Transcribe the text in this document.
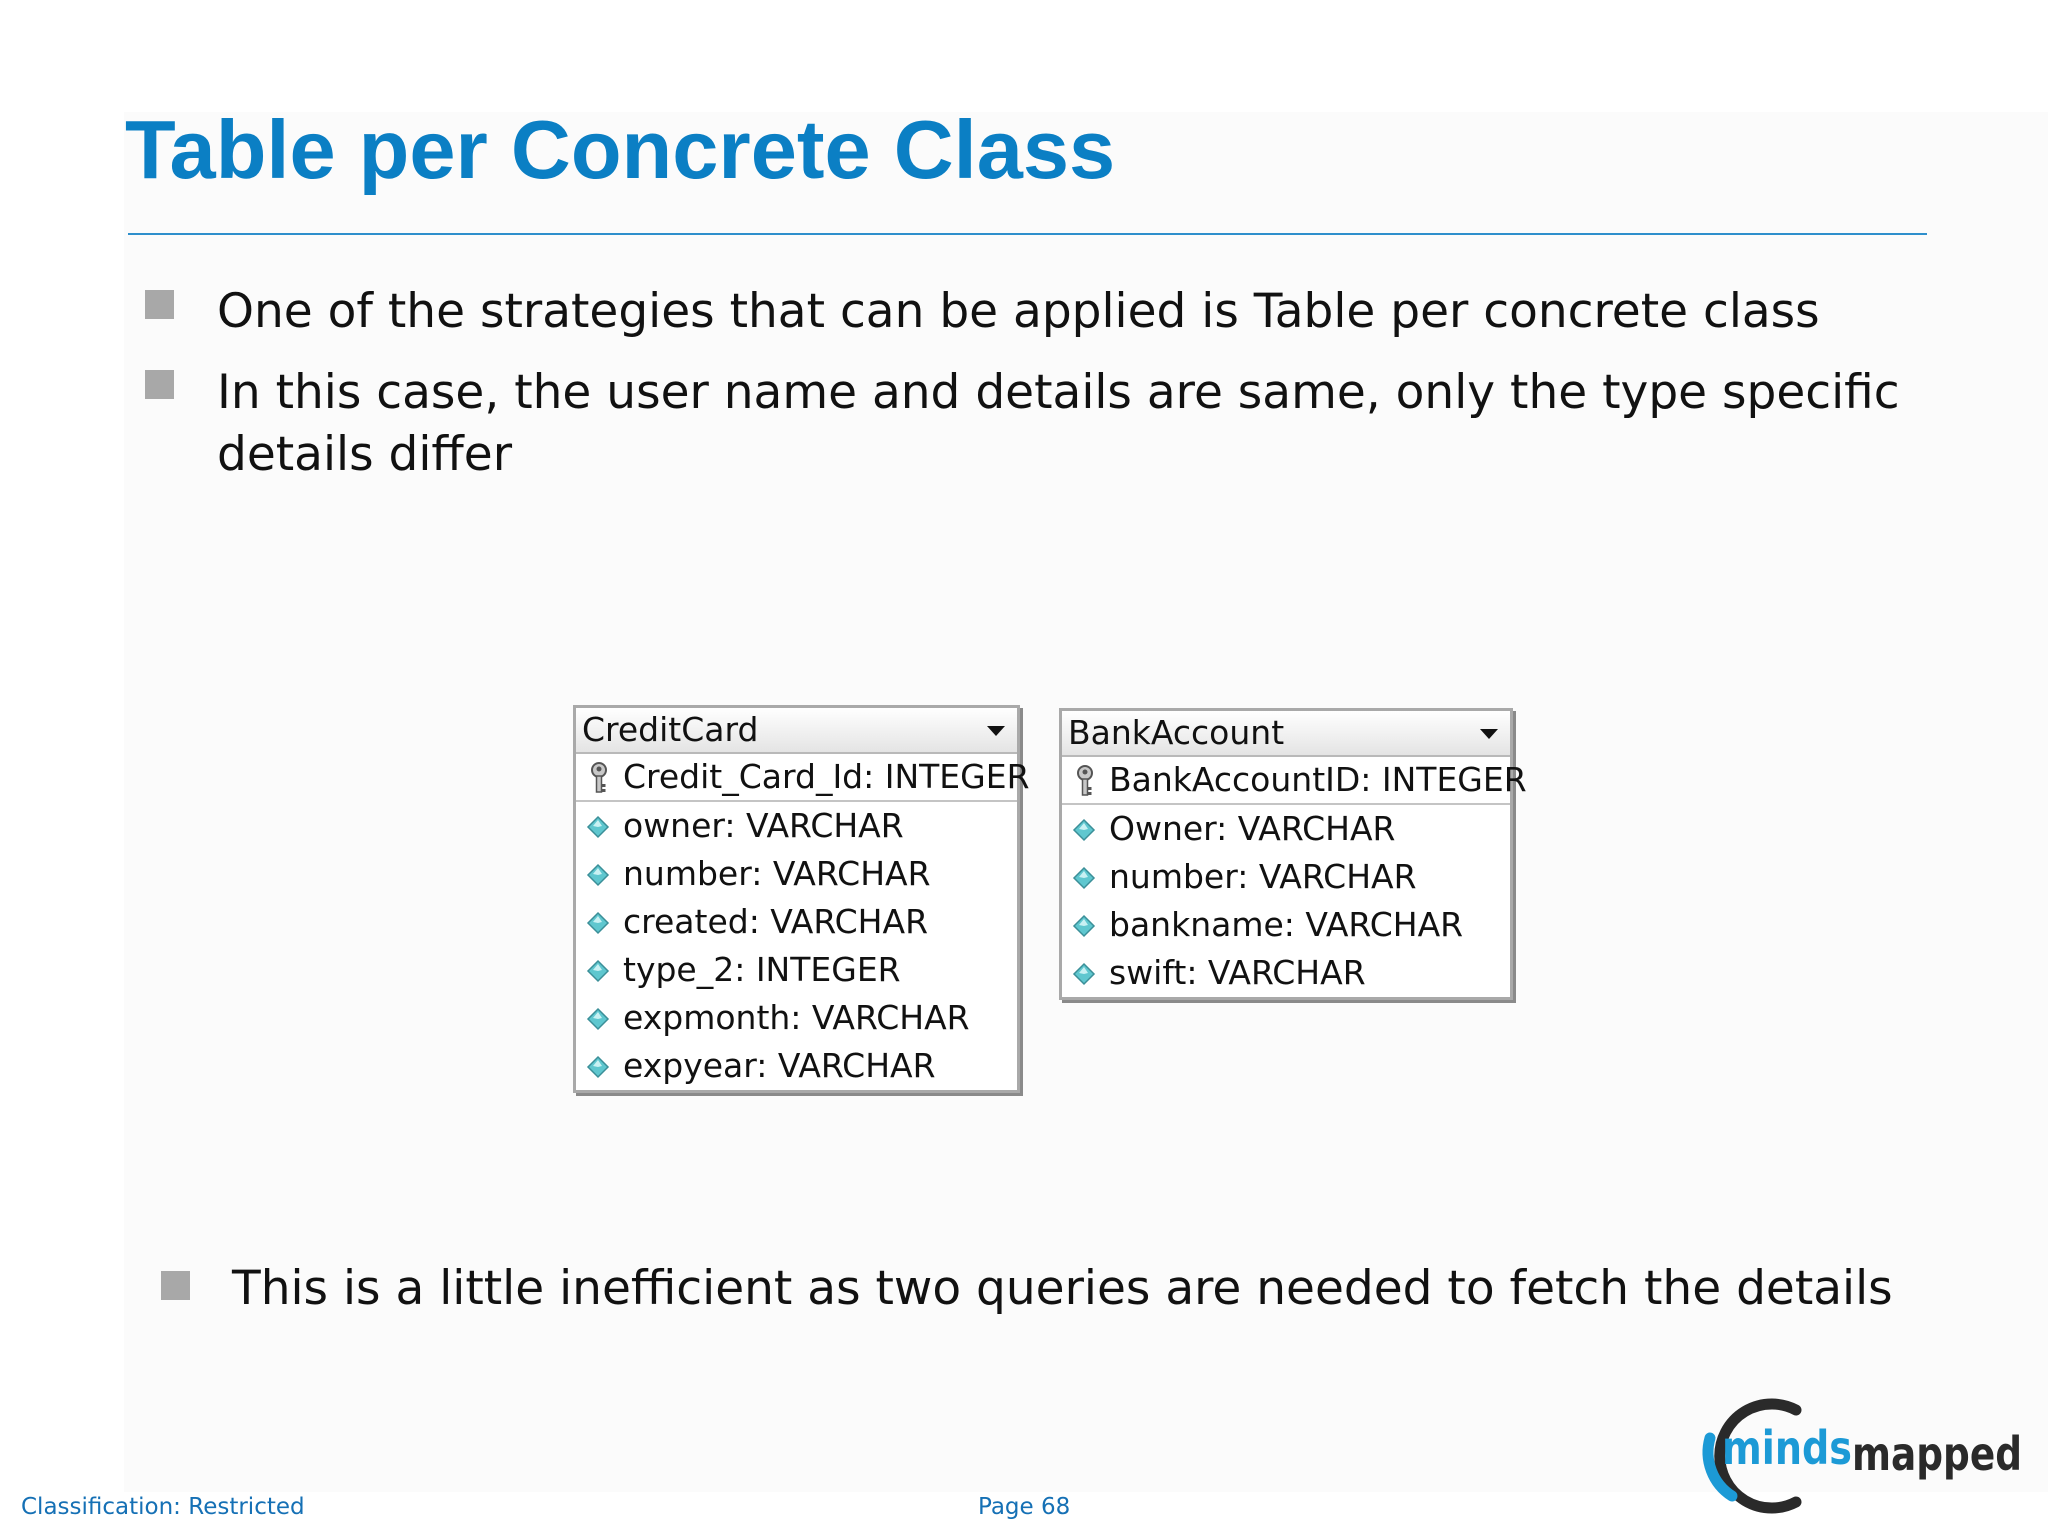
Table per Concrete Class
One of the strategies that can be applied is Table per concrete class
In this case, the user name and details are same, only the type specific
details differ
CreditCard
Credit_Card_Id: INTEGER
owner: VARCHAR
number: VARCHAR
created: VARCHAR
type_2: INTEGER
expmonth: VARCHAR
expyear: VARCHAR
BankAccount
BankAccountID: INTEGER
Owner: VARCHAR
number: VARCHAR
bankname: VARCHAR
swift: VARCHAR
This is a little inefficient as two queries are needed to fetch the details
Classification: Restricted	Page 68
minds mapped
